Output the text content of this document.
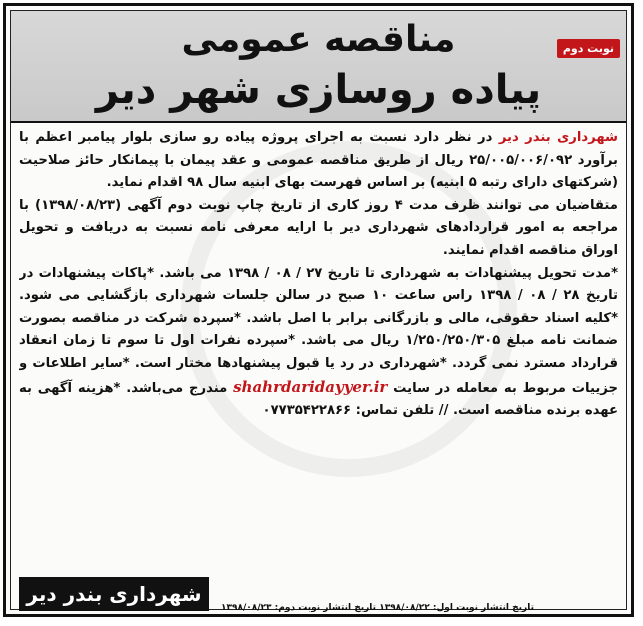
نوبت دوم
مناقصه عمومی
پیاده روسازی شهر دیر

شهرداری بندر دیر در نظر دارد نسبت به اجرای پروژه پیاده رو سازی بلوار پیامبر اعظم با برآورد ۲۵/۰۰۵/۰۰۶/۰۹۲ ریال از طریق مناقصه عمومی و عقد پیمان با پیمانکار حائز صلاحیت (شرکتهای دارای رتبه ۵ ابنیه) بر اساس فهرست بهای ابنیه سال ۹۸ اقدام نماید.

متقاضیان می توانند ظرف مدت ۴ روز کاری از تاریخ چاپ نوبت دوم آگهی (۱۳۹۸/۰۸/۲۳) با مراجعه به امور قراردادهای شهرداری دیر با ارایه معرفی نامه نسبت به دریافت و تحویل اوراق مناقصه اقدام نمایند.

*مدت تحویل پیشنهادات به شهرداری تا تاریخ ۲۷ / ۰۸ / ۱۳۹۸ می باشد. *پاکات پیشنهادات در تاریخ ۲۸ / ۰۸ / ۱۳۹۸ راس ساعت ۱۰ صبح در سالن جلسات شهرداری بازگشایی می شود. *کلیه اسناد حقوقی، مالی و بازرگانی برابر با اصل باشد. *سپرده شرکت در مناقصه بصورت ضمانت نامه مبلغ ۱/۲۵۰/۲۵۰/۳۰۵ ریال می باشد. *سپرده نفرات اول تا سوم تا زمان انعقاد قرارداد مسترد نمی گردد. *شهرداری در رد یا قبول پیشنهادها مختار است. *سایر اطلاعات و جزییات مربوط به معامله در سایت shahrdaridayyer.ir مندرج می‌باشد. *هزینه آگهی به عهده برنده مناقصه است. // تلفن تماس: ۰۷۷۳۵۴۲۲۸۶۶

شهرداری بندر دیر
تاریخ انتشار نوبت اول: ۱۳۹۸/۰۸/۲۲ تاریخ انتشار نوبت دوم: ۱۳۹۸/۰۸/۲۳
